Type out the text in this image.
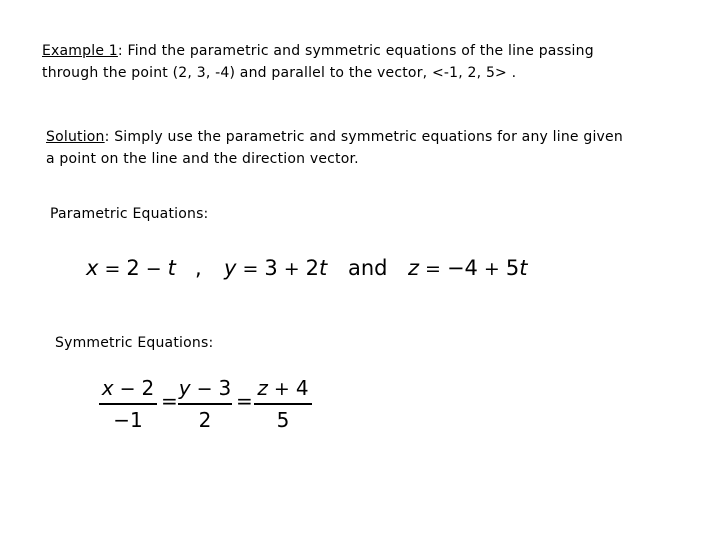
Example 1: Find the parametric and symmetric equations of the line passing
through the point (2, 3, -4) and parallel to the vector, <-1, 2, 5> .
Solution: Simply use the parametric and symmetric equations for any line given
a point on the line and the direction vector.
Parametric Equations:
x = 2 − t , y = 3 + 2t and z = −4 + 5t
Symmetric Equations:
x − 2
−1
=
y − 3
2
=
z + 4
5
